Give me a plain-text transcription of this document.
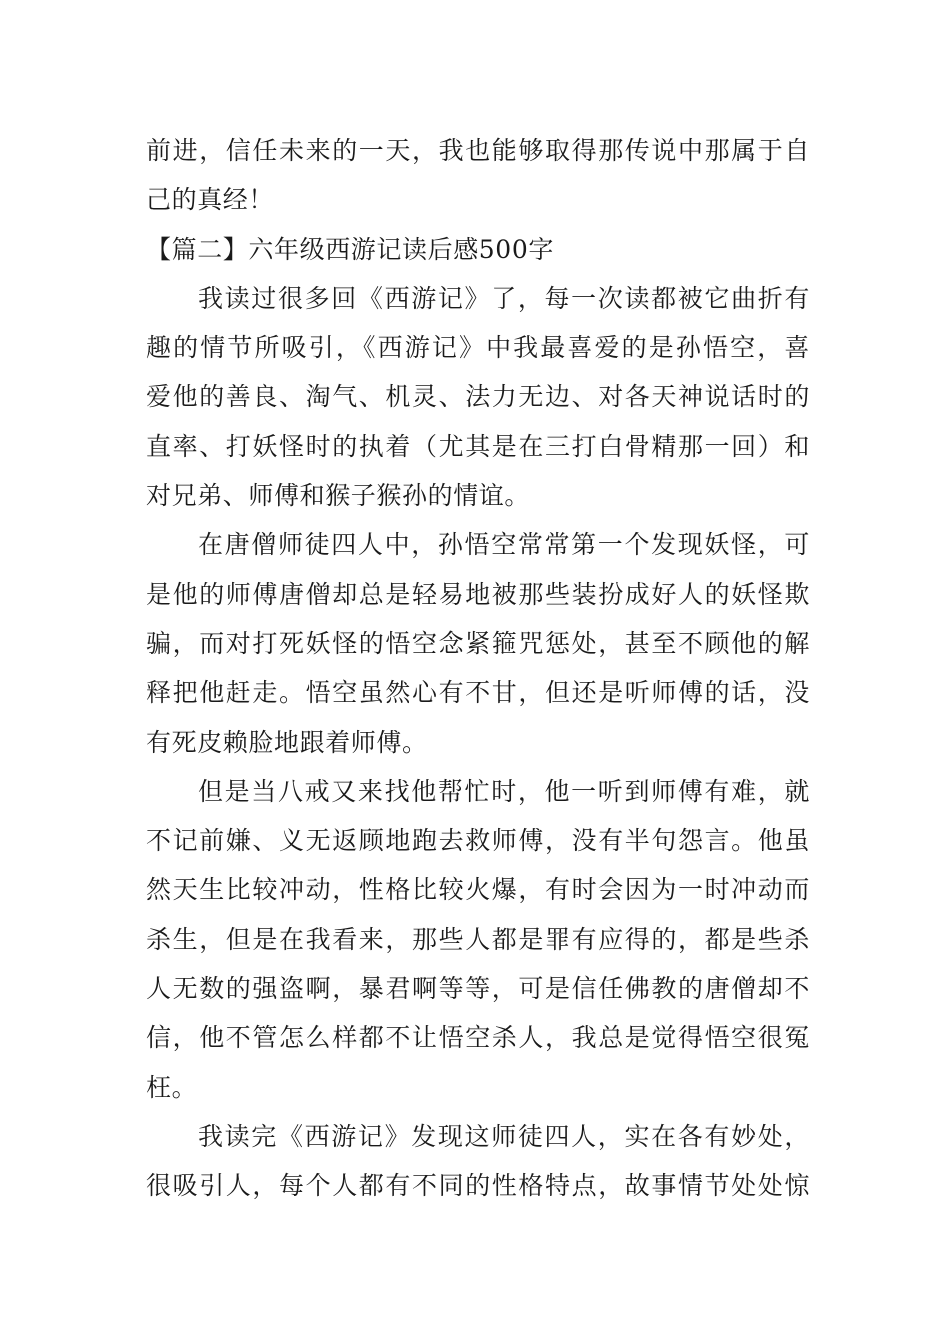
前进，信任未来的一天，我也能够取得那传说中那属于自
己的真经！
【篇二】六年级西游记读后感500字
我读过很多回《西游记》了，每一次读都被它曲折有
趣的情节所吸引，《西游记》中我最喜爱的是孙悟空，喜
爱他的善良、淘气、机灵、法力无边、对各天神说话时的
直率、打妖怪时的执着（尤其是在三打白骨精那一回）和
对兄弟、师傅和猴子猴孙的情谊。
在唐僧师徒四人中，孙悟空常常第一个发现妖怪，可
是他的师傅唐僧却总是轻易地被那些装扮成好人的妖怪欺
骗，而对打死妖怪的悟空念紧箍咒惩处，甚至不顾他的解
释把他赶走。悟空虽然心有不甘，但还是听师傅的话，没
有死皮赖脸地跟着师傅。
但是当八戒又来找他帮忙时，他一听到师傅有难，就
不记前嫌、义无返顾地跑去救师傅，没有半句怨言。他虽
然天生比较冲动，性格比较火爆，有时会因为一时冲动而
杀生，但是在我看来，那些人都是罪有应得的，都是些杀
人无数的强盗啊，暴君啊等等，可是信任佛教的唐僧却不
信，他不管怎么样都不让悟空杀人，我总是觉得悟空很冤
枉。
我读完《西游记》发现这师徒四人，实在各有妙处，
很吸引人，每个人都有不同的性格特点，故事情节处处惊
